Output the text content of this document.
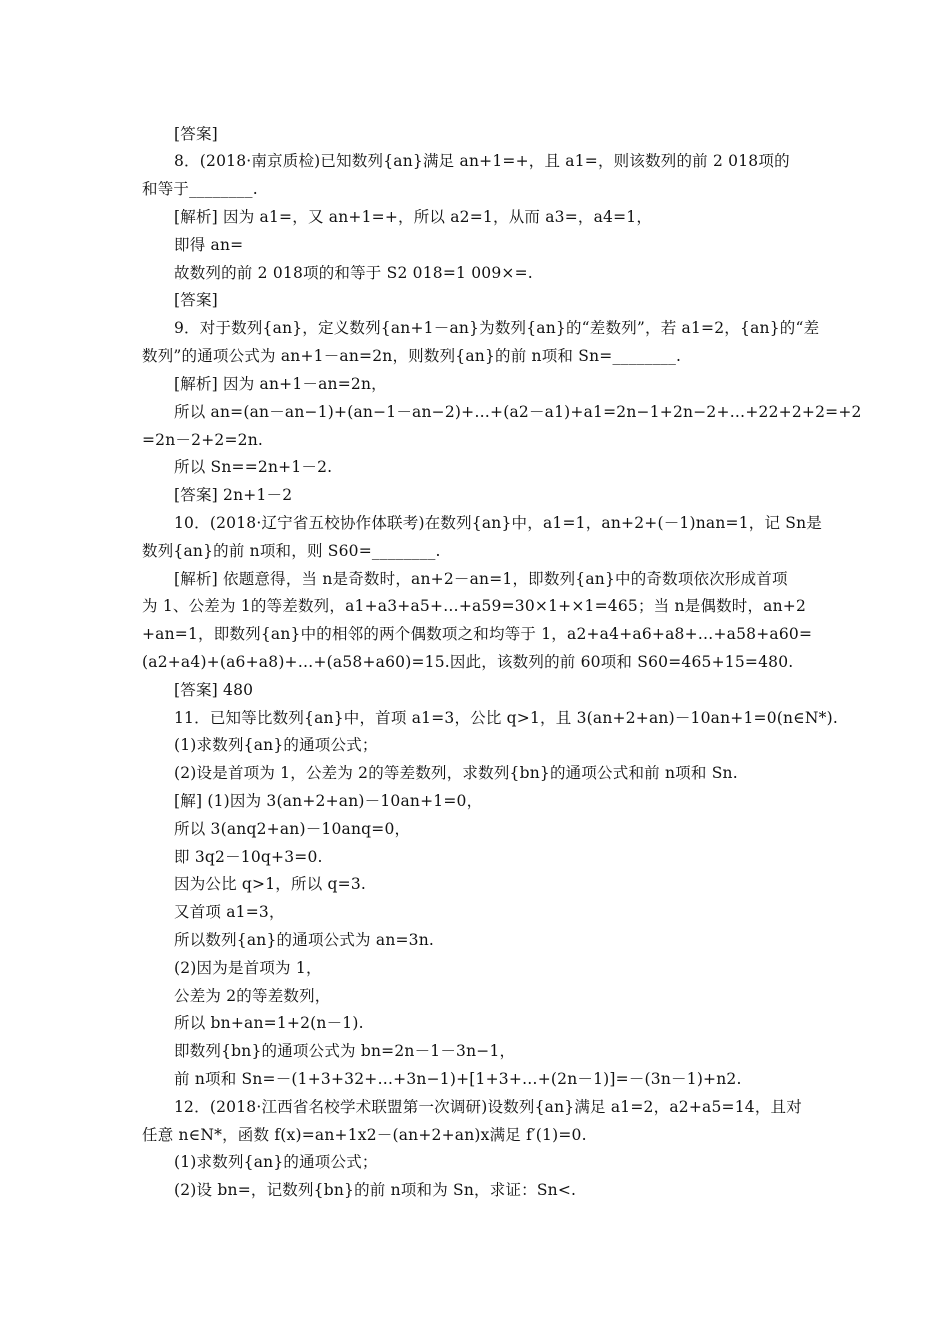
[答案]
8．(2018·南京质检)已知数列{an}满足 an+1=+，且 a1=，则该数列的前 2 018项的
和等于________.
[解析] 因为 a1=，又 an+1=+，所以 a2=1，从而 a3=，a4=1，
即得 an=
故数列的前 2 018项的和等于 S2 018=1 009×=.
[答案]
9．对于数列{an}，定义数列{an+1－an}为数列{an}的“差数列”，若 a1=2，{an}的“差
数列”的通项公式为 an+1－an=2n，则数列{an}的前 n项和 Sn=________.
[解析] 因为 an+1－an=2n，
所以 an=(an－an−1)+(an−1－an−2)+…+(a2－a1)+a1=2n−1+2n−2+…+22+2+2=+2
=2n－2+2=2n.
所以 Sn==2n+1－2.
[答案] 2n+1－2
10．(2018·辽宁省五校协作体联考)在数列{an}中，a1=1，an+2+(－1)nan=1，记 Sn是
数列{an}的前 n项和，则 S60=________.
[解析] 依题意得，当 n是奇数时，an+2－an=1，即数列{an}中的奇数项依次形成首项
为 1、公差为 1的等差数列，a1+a3+a5+…+a59=30×1+×1=465；当 n是偶数时，an+2
+an=1，即数列{an}中的相邻的两个偶数项之和均等于 1，a2+a4+a6+a8+…+a58+a60=
(a2+a4)+(a6+a8)+…+(a58+a60)=15.因此，该数列的前 60项和 S60=465+15=480.
[答案] 480
11．已知等比数列{an}中，首项 a1=3，公比 q>1，且 3(an+2+an)－10an+1=0(n∈N*).
(1)求数列{an}的通项公式；
(2)设是首项为 1，公差为 2的等差数列，求数列{bn}的通项公式和前 n项和 Sn.
[解] (1)因为 3(an+2+an)－10an+1=0，
所以 3(anq2+an)－10anq=0，
即 3q2－10q+3=0.
因为公比 q>1，所以 q=3.
又首项 a1=3，
所以数列{an}的通项公式为 an=3n.
(2)因为是首项为 1，
公差为 2的等差数列，
所以 bn+an=1+2(n－1).
即数列{bn}的通项公式为 bn=2n－1－3n−1，
前 n项和 Sn=－(1+3+32+…+3n−1)+[1+3+…+(2n－1)]=－(3n－1)+n2.
12．(2018·江西省名校学术联盟第一次调研)设数列{an}满足 a1=2，a2+a5=14，且对
任意 n∈N*，函数 f(x)=an+1x2－(an+2+an)x满足 f′(1)=0.
(1)求数列{an}的通项公式；
(2)设 bn=，记数列{bn}的前 n项和为 Sn，求证：Sn<.
